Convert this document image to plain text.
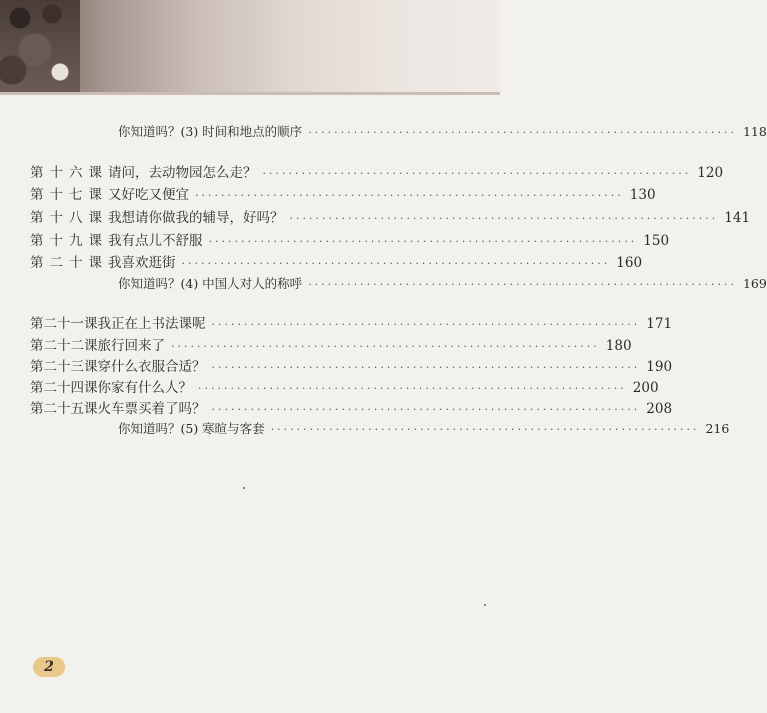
你知道吗？(3) 时间和地点的顺序 ·································································· 118
第十六课 请问，去动物园怎么走？ ·································································· 120
第十七课 又好吃又便宜 ·································································· 130
第十八课 我想请你做我的辅导，好吗？ ·································································· 141
第十九课 我有点儿不舒服 ·································································· 150
第二十课 我喜欢逛街 ·································································· 160
你知道吗？(4) 中国人对人的称呼 ·································································· 169
第二十一课 我正在上书法课呢 ·································································· 171
第二十二课 旅行回来了 ·································································· 180
第二十三课 穿什么衣服合适？ ·································································· 190
第二十四课 你家有什么人？ ·································································· 200
第二十五课 火车票买着了吗？ ·································································· 208
你知道吗？(5) 寒暄与客套 ·································································· 216
2
